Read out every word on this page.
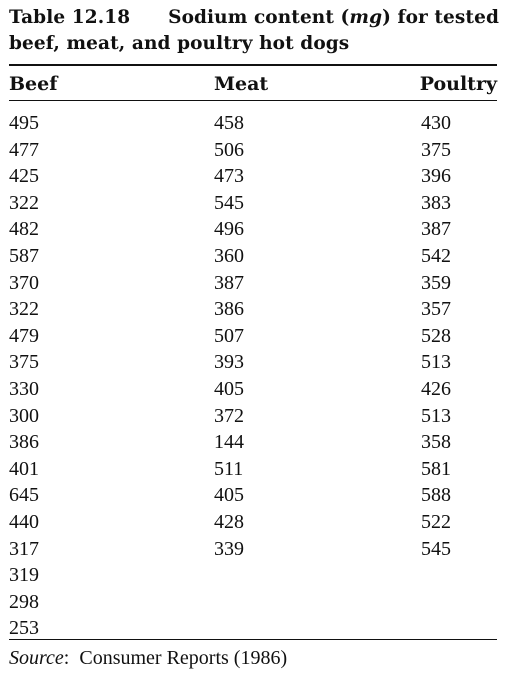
Table 12.18 Sodium content (mg) for tested
beef, meat, and poultry hot dogs
Beef	Meat	Poultry
495
477
425
322
482
587
370
322
479
375
330
300
386
401
645
440
317
319
298
253
458
506
473
545
496
360
387
386
507
393
405
372
144
511
405
428
339
430
375
396
383
387
542
359
357
528
513
426
513
358
581
588
522
545
Source: Consumer Reports (1986)
